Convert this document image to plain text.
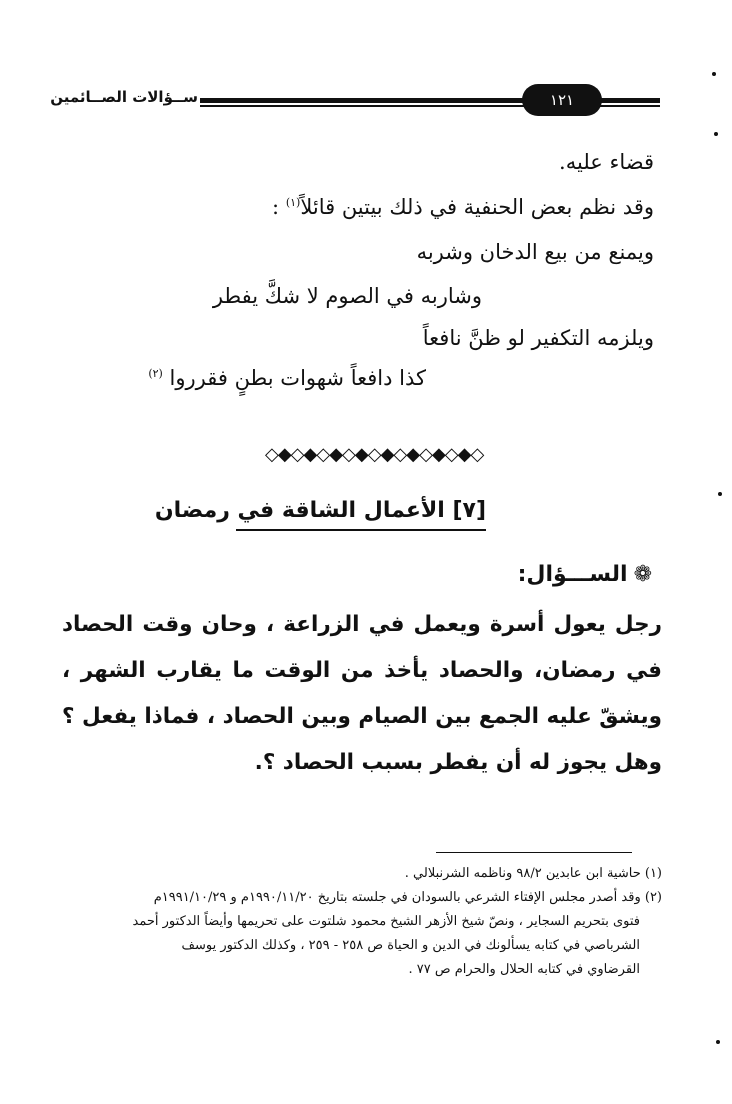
ســؤالات الصــائمين	١٢١
قضاء عليه.
وقد نظم بعض الحنفية في ذلك بيتين قائلاً$^{(١)}$ :
ويمنع من بيع الدخان وشربه
وشاربه في الصوم لا شكَّ يفطر
ويلزمه التكفير لو ظنَّ نافعاً
كذا دافعاً شهوات بطنٍ فقرروا $^{(٢)}$
◇◆◇◆◇◆◇◆◇◆◇◆◇◆◇◆◇
[٧] الأعمال الشاقة في رمضان
❁الســـؤال:
رجل يعول أسرة ويعمل في الزراعة ، وحان وقت الحصاد في رمضان، والحصاد يأخذ من الوقت ما يقارب الشهر ، ويشقّ عليه الجمع بين الصيام وبين الحصاد ، فماذا يفعل ؟ وهل يجوز له أن يفطر بسبب الحصاد ؟.
(١) حاشية ابن عابدين ٩٨/٢ وناظمه الشرنبلالي .
(٢) وقد أصدر مجلس الإفتاء الشرعي بالسودان في جلسته بتاريخ ١٩٩٠/١١/٢٠م و ١٩٩١/١٠/٢٩م
فتوى بتحريم السجاير ، ونصّ شيخ الأزهر الشيخ محمود شلتوت على تحريمها وأيضاً الدكتور أحمد
الشرباصي في كتابه يسألونك في الدين و الحياة ص ٢٥٨ - ٢٥٩ ، وكذلك الدكتور يوسف
القرضاوي في كتابه الحلال والحرام ص ٧٧ .
